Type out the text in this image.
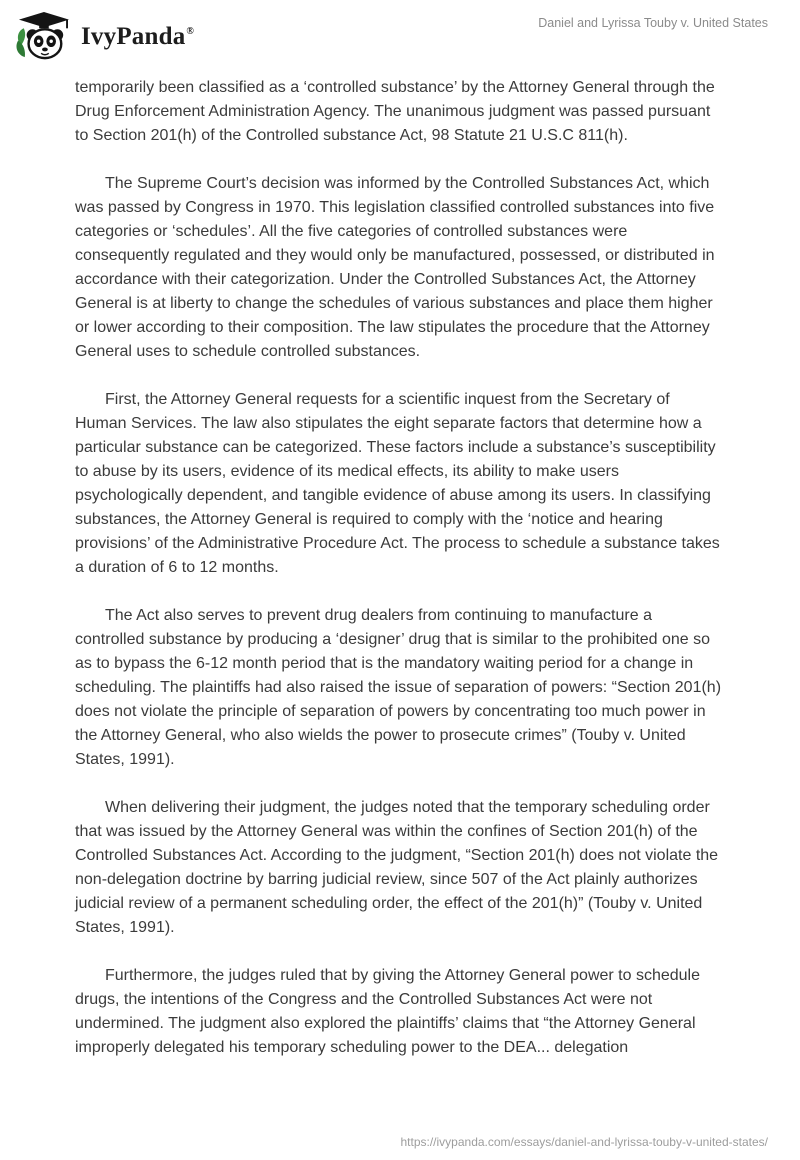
IvyPanda®
Daniel and Lyrissa Touby v. United States

temporarily been classified as a ‘controlled substance’ by the Attorney General through the Drug Enforcement Administration Agency. The unanimous judgment was passed pursuant to Section 201(h) of the Controlled substance Act, 98 Statute 21 U.S.C 811(h).

The Supreme Court’s decision was informed by the Controlled Substances Act, which was passed by Congress in 1970. This legislation classified controlled substances into five categories or ‘schedules’. All the five categories of controlled substances were consequently regulated and they would only be manufactured, possessed, or distributed in accordance with their categorization. Under the Controlled Substances Act, the Attorney General is at liberty to change the schedules of various substances and place them higher or lower according to their composition. The law stipulates the procedure that the Attorney General uses to schedule controlled substances.

First, the Attorney General requests for a scientific inquest from the Secretary of Human Services. The law also stipulates the eight separate factors that determine how a particular substance can be categorized. These factors include a substance’s susceptibility to abuse by its users, evidence of its medical effects, its ability to make users psychologically dependent, and tangible evidence of abuse among its users. In classifying substances, the Attorney General is required to comply with the ‘notice and hearing provisions’ of the Administrative Procedure Act. The process to schedule a substance takes a duration of 6 to 12 months.

The Act also serves to prevent drug dealers from continuing to manufacture a controlled substance by producing a ‘designer’ drug that is similar to the prohibited one so as to bypass the 6-12 month period that is the mandatory waiting period for a change in scheduling. The plaintiffs had also raised the issue of separation of powers: “Section 201(h) does not violate the principle of separation of powers by concentrating too much power in the Attorney General, who also wields the power to prosecute crimes” (Touby v. United States, 1991).

When delivering their judgment, the judges noted that the temporary scheduling order that was issued by the Attorney General was within the confines of Section 201(h) of the Controlled Substances Act. According to the judgment, “Section 201(h) does not violate the non-delegation doctrine by barring judicial review, since 507 of the Act plainly authorizes judicial review of a permanent scheduling order, the effect of the 201(h)” (Touby v. United States, 1991).

Furthermore, the judges ruled that by giving the Attorney General power to schedule drugs, the intentions of the Congress and the Controlled Substances Act were not undermined. The judgment also explored the plaintiffs’ claims that “the Attorney General improperly delegated his temporary scheduling power to the DEA... delegation

https://ivypanda.com/essays/daniel-and-lyrissa-touby-v-united-states/
